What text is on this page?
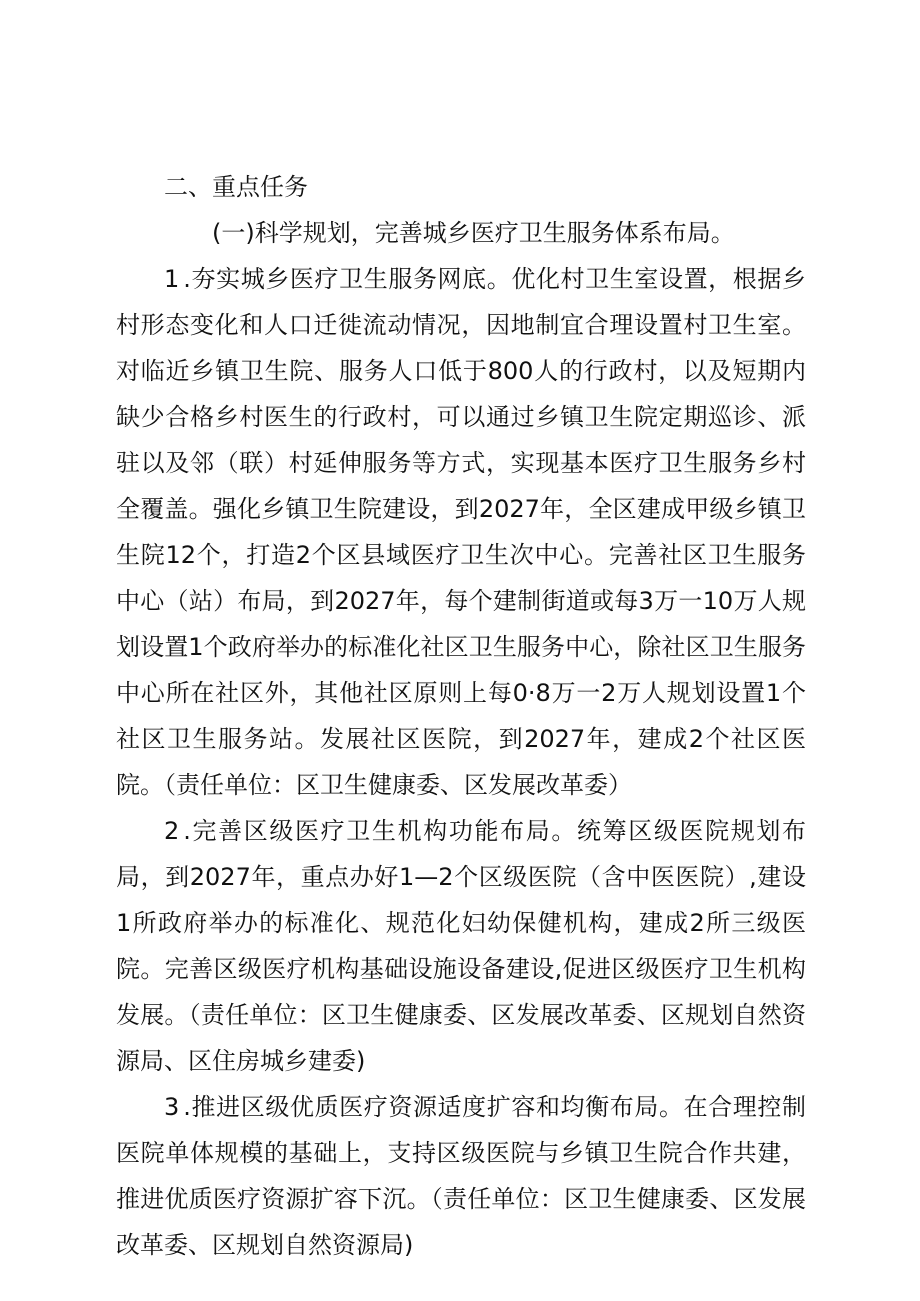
二、重点任务

(一)科学规划，完善城乡医疗卫生服务体系布局。

1 .夯实城乡医疗卫生服务网底。优化村卫生室设置，根据乡村形态变化和人口迁徙流动情况，因地制宜合理设置村卫生室。对临近乡镇卫生院、服务人口低于800人的行政村，以及短期内缺少合格乡村医生的行政村，可以通过乡镇卫生院定期巡诊、派驻以及邻（联）村延伸服务等方式，实现基本医疗卫生服务乡村全覆盖。强化乡镇卫生院建设，到2027年，全区建成甲级乡镇卫生院12个，打造2个区县域医疗卫生次中心。完善社区卫生服务中心（站）布局，到2027年，每个建制街道或每3万一10万人规划设置1个政府举办的标准化社区卫生服务中心，除社区卫生服务中心所在社区外，其他社区原则上每0·8万一2万人规划设置1个社区卫生服务站。发展社区医院，到2027年，建成2个社区医院。（责任单位：区卫生健康委、区发展改革委）

2 .完善区级医疗卫生机构功能布局。统筹区级医院规划布局，到2027年，重点办好1—2个区级医院（含中医医院）,建设1所政府举办的标准化、规范化妇幼保健机构，建成2所三级医院。完善区级医疗机构基础设施设备建设,促进区级医疗卫生机构发展。（责任单位：区卫生健康委、区发展改革委、区规划自然资源局、区住房城乡建委)

3 .推进区级优质医疗资源适度扩容和均衡布局。在合理控制医院单体规模的基础上，支持区级医院与乡镇卫生院合作共建，推进优质医疗资源扩容下沉。（责任单位：区卫生健康委、区发展改革委、区规划自然资源局)
